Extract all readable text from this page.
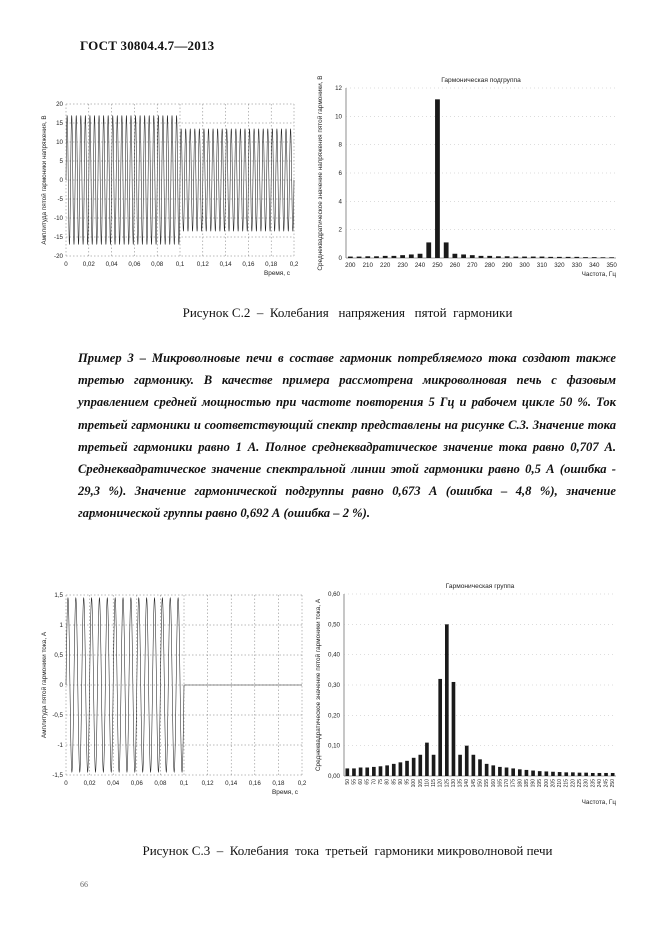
ГОСТ 30804.4.7—2013
20
15
10
5
0
-5
-10
-15
-20
0 0,02 0,04 0,06 0,08 0,1 0,12 0,14 0,16 0,18 0,2
Время, с
Амплитуда пятой гармоники напряжения, В
12
10
8
6
4
2
0
200 210 220 230 240 250 260 270 280 290 300 310 320 330 340 350
Гармоническая подгруппа
Частота, Гц
Среднеквадратическое значение напряжения пятой гармоники, В
Рисунок С.2  –  Колебания   напряжения   пятой  гармоники
Пример 3 – Микроволновые печи в составе гармоник потребляемого тока создают также третью гармонику. В качестве примера рассмотрена микроволновая печь с фазовым управлением средней мощностью при частоте повторения 5 Гц и рабочем цикле 50 %. Ток третьей гармоники и соответствующий спектр представлены на рисунке С.3. Значение тока третьей гармоники равно 1 А. Полное среднеквадратическое значение тока равно 0,707 А. Среднеквадратическое значение спектральной линии этой гармоники равно 0,5 А (ошибка - 29,3 %). Значение гармонической подгруппы равно 0,673 А (ошибка – 4,8 %), значение гармонической группы равно 0,692 А (ошибка – 2 %).
1,5
1
0,5
0
-0,5
-1
-1,5
0	0,02 0,04 0,06 0,08 0,1 0,12 0,14 0,16 0,18 0,2
Время, с
Амплитуда пятой гармоники тока, А
0,60
0,50
0,40
0,30
0,20
0,10
0,00
50 55 60 65 70 75 80 85 90 95 100 105 110 115 120 125 130 135 140 145 150 155 160 165 170 175 180 185 190 195 200 205 210 215 220 225 230 235 240 245 250
Гармоническая группа
Частота, Гц
Среднеквадратическое значение пятой гармоники тока, А
Рисунок С.3  –  Колебания  тока  третьей  гармоники микроволновой печи
66
